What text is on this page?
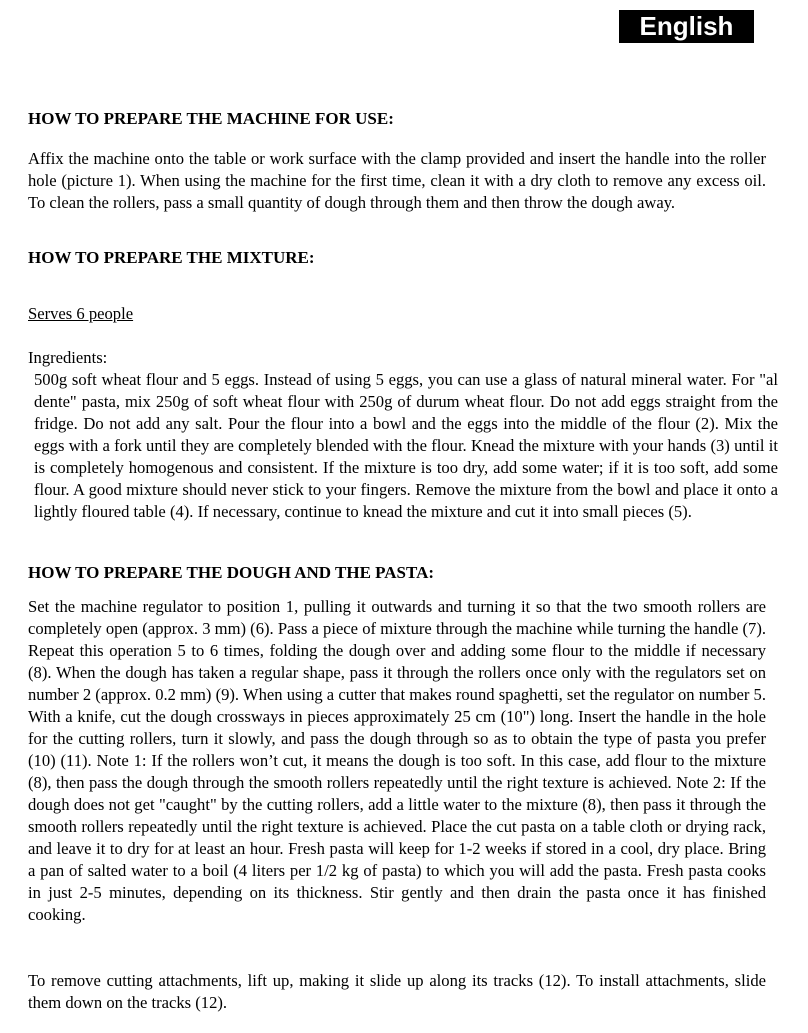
English
HOW TO PREPARE THE MACHINE FOR USE:

Affix the machine onto the table or work surface with the clamp provided and insert the handle into the roller hole (picture 1). When using the machine for the first time, clean it with a dry cloth to remove any excess oil. To clean the rollers, pass a small quantity of dough through them and then throw the dough away.

HOW TO PREPARE THE MIXTURE:

Serves 6 people

Ingredients:

500g soft wheat flour and 5 eggs. Instead of using 5 eggs, you can use a glass of natural mineral water. For "al dente" pasta, mix 250g of soft wheat flour with 250g of durum wheat flour. Do not add eggs straight from the fridge. Do not add any salt. Pour the flour into a bowl and the eggs into the middle of the flour (2). Mix the eggs with a fork until they are completely blended with the flour. Knead the mixture with your hands (3) until it is completely homogenous and consistent. If the mixture is too dry, add some water; if it is too soft, add some flour. A good mixture should never stick to your fingers. Remove the mixture from the bowl and place it onto a lightly floured table (4). If necessary, continue to knead the mixture and cut it into small pieces (5).

HOW TO PREPARE THE DOUGH AND THE PASTA:

Set the machine regulator to position 1, pulling it outwards and turning it so that the two smooth rollers are completely open (approx. 3 mm) (6). Pass a piece of mixture through the machine while turning the handle (7). Repeat this operation 5 to 6 times, folding the dough over and adding some flour to the middle if necessary (8). When the dough has taken a regular shape, pass it through the rollers once only with the regulators set on number 2 (approx. 0.2 mm) (9). When using a cutter that makes round spaghetti, set the regulator on number 5. With a knife, cut the dough crossways in pieces approximately 25 cm (10") long. Insert the handle in the hole for the cutting rollers, turn it slowly, and pass the dough through so as to obtain the type of pasta you prefer (10) (11). Note 1: If the rollers won’t cut, it means the dough is too soft. In this case, add flour to the mixture (8), then pass the dough through the smooth rollers repeatedly until the right texture is achieved. Note 2: If the dough does not get "caught" by the cutting rollers, add a little water to the mixture (8), then pass it through the smooth rollers repeatedly until the right texture is achieved. Place the cut pasta on a table cloth or drying rack, and leave it to dry for at least an hour. Fresh pasta will keep for 1-2 weeks if stored in a cool, dry place. Bring a pan of salted water to a boil (4 liters per 1/2 kg of pasta) to which you will add the pasta. Fresh pasta cooks in just 2-5 minutes, depending on its thickness. Stir gently and then drain the pasta once it has finished cooking.

To remove cutting attachments, lift up, making it slide up along its tracks (12). To install attachments, slide them down on the tracks (12).
